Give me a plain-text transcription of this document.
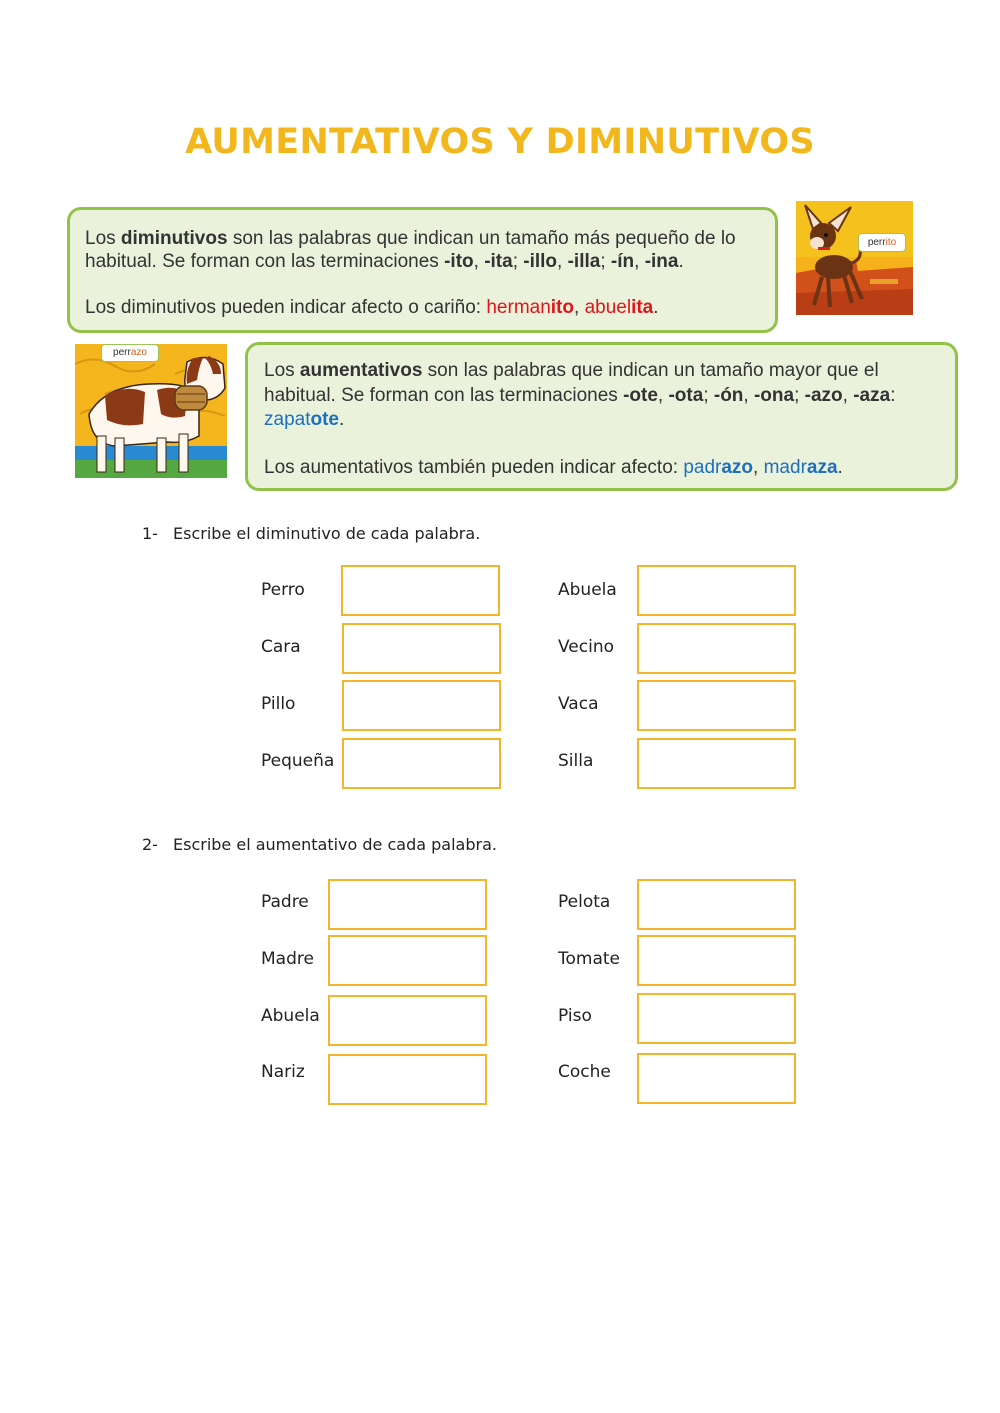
AUMENTATIVOS Y DIMINUTIVOS

Los diminutivos son las palabras que indican un tamaño más pequeño de lo habitual. Se forman con las terminaciones -ito, -ita; -illo, -illa; -ín, -ina.

Los diminutivos pueden indicar afecto o cariño: hermanito, abuelita.

perrito
perrazo

Los aumentativos son las palabras que indican un tamaño mayor que el habitual. Se forman con las terminaciones -ote, -ota; -ón, -ona; -azo, -aza: zapatote.

Los aumentativos también pueden indicar afecto: padrazo, madraza.

1- Escribe el diminutivo de cada palabra.
2- Escribe el aumentativo de cada palabra.
Perro	Abuela
Cara	Vecino
Pillo	Vaca
Pequeña	Silla
Padre	Pelota
Madre	Tomate
Abuela	Piso
Nariz	Coche
